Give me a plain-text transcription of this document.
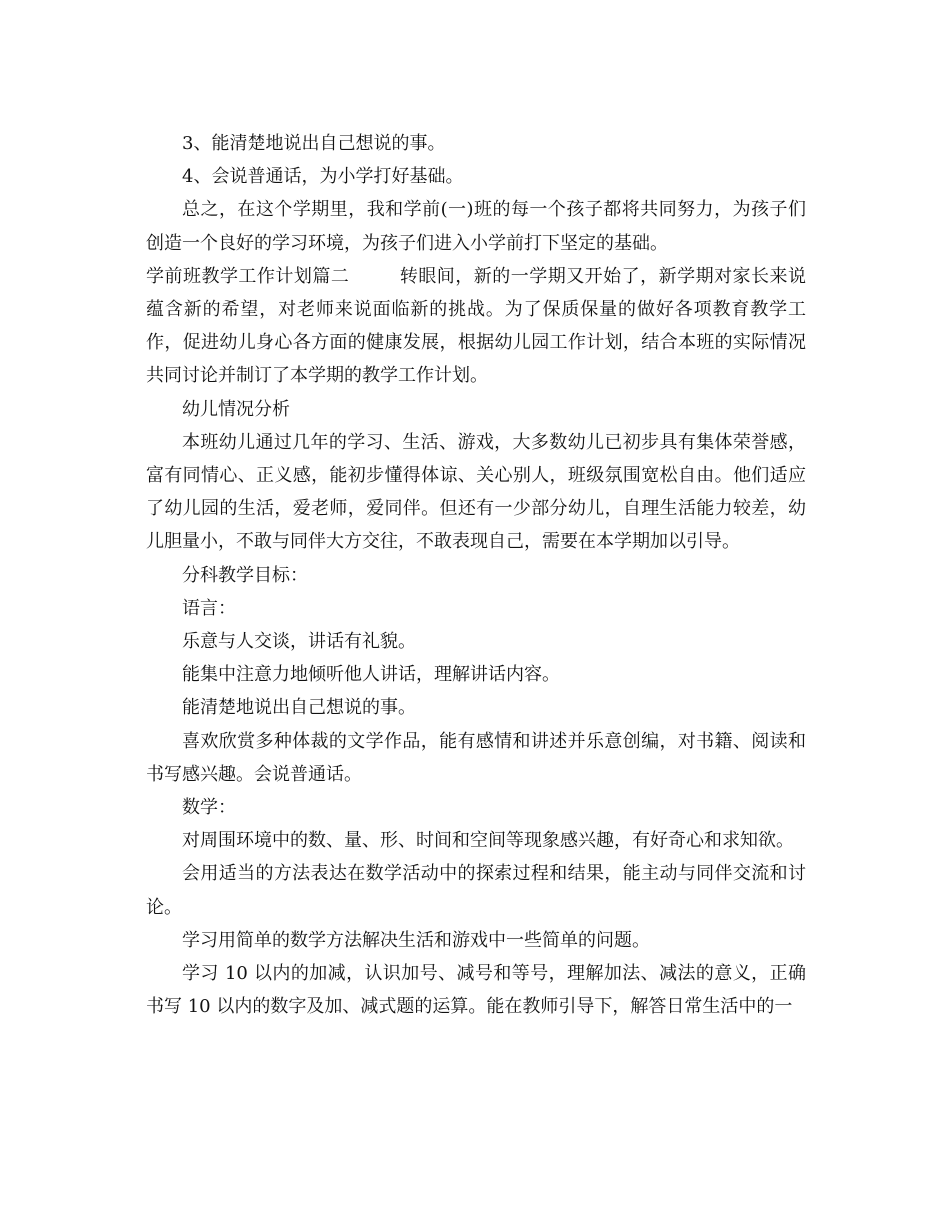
3、能清楚地说出自己想说的事。

4、会说普通话，为小学打好基础。

总之，在这个学期里，我和学前(一)班的每一个孩子都将共同努力，为孩子们创造一个良好的学习环境，为孩子们进入小学前打下坚定的基础。

学前班教学工作计划篇二	转眼间，新的一学期又开始了，新学期对家长来说蕴含新的希望，对老师来说面临新的挑战。为了保质保量的做好各项教育教学工作，促进幼儿身心各方面的健康发展，根据幼儿园工作计划，结合本班的实际情况共同讨论并制订了本学期的教学工作计划。

幼儿情况分析

本班幼儿通过几年的学习、生活、游戏，大多数幼儿已初步具有集体荣誉感，富有同情心、正义感，能初步懂得体谅、关心别人，班级氛围宽松自由。他们适应了幼儿园的生活，爱老师，爱同伴。但还有一少部分幼儿，自理生活能力较差，幼儿胆量小，不敢与同伴大方交往，不敢表现自己，需要在本学期加以引导。

分科教学目标：

语言：

乐意与人交谈，讲话有礼貌。

能集中注意力地倾听他人讲话，理解讲话内容。

能清楚地说出自己想说的事。

喜欢欣赏多种体裁的文学作品，能有感情和讲述并乐意创编，对书籍、阅读和书写感兴趣。会说普通话。

数学：

对周围环境中的数、量、形、时间和空间等现象感兴趣，有好奇心和求知欲。

会用适当的方法表达在数学活动中的探索过程和结果，能主动与同伴交流和讨论。

学习用简单的数学方法解决生活和游戏中一些简单的问题。

学习 10 以内的加减，认识加号、减号和等号，理解加法、减法的意义，正确书写 10 以内的数字及加、减式题的运算。能在教师引导下，解答日常生活中的一
